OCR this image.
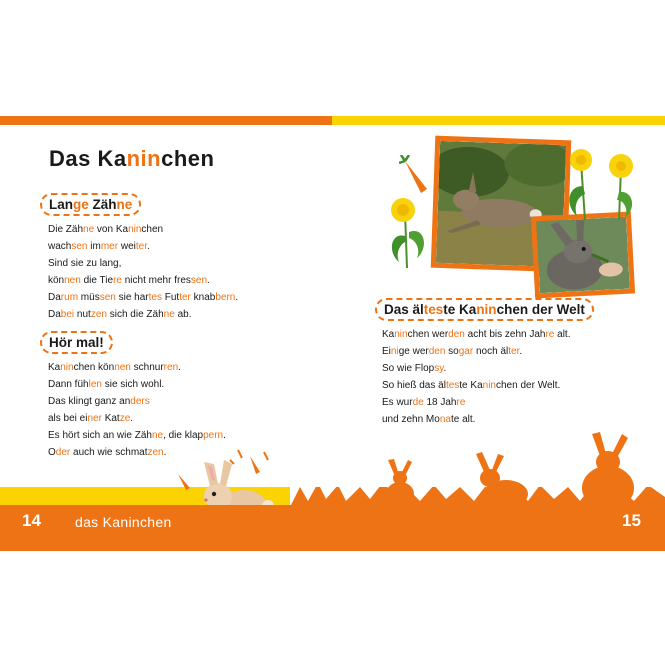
Das Kaninchen
Lange Zähne
Die Zähne von Kaninchen
wachsen immer weiter.
Sind sie zu lang,
können die Tiere nicht mehr fressen.
Darum müssen sie hartes Futter knabbern.
Dabei nutzen sich die Zähne ab.
Hör mal!
Kaninchen können schnurren.
Dann fühlen sie sich wohl.
Das klingt ganz anders
als bei einer Katze.
Es hört sich an wie Zähne, die klappern.
Oder auch wie schmatzen.
Das älteste Kaninchen der Welt
Kaninchen werden acht bis zehn Jahre alt.
Einige werden sogar noch älter.
So wie Flopsy.
So hieß das älteste Kaninchen der Welt.
Es wurde 18 Jahre
und zehn Monate alt.
14 das Kaninchen	15
